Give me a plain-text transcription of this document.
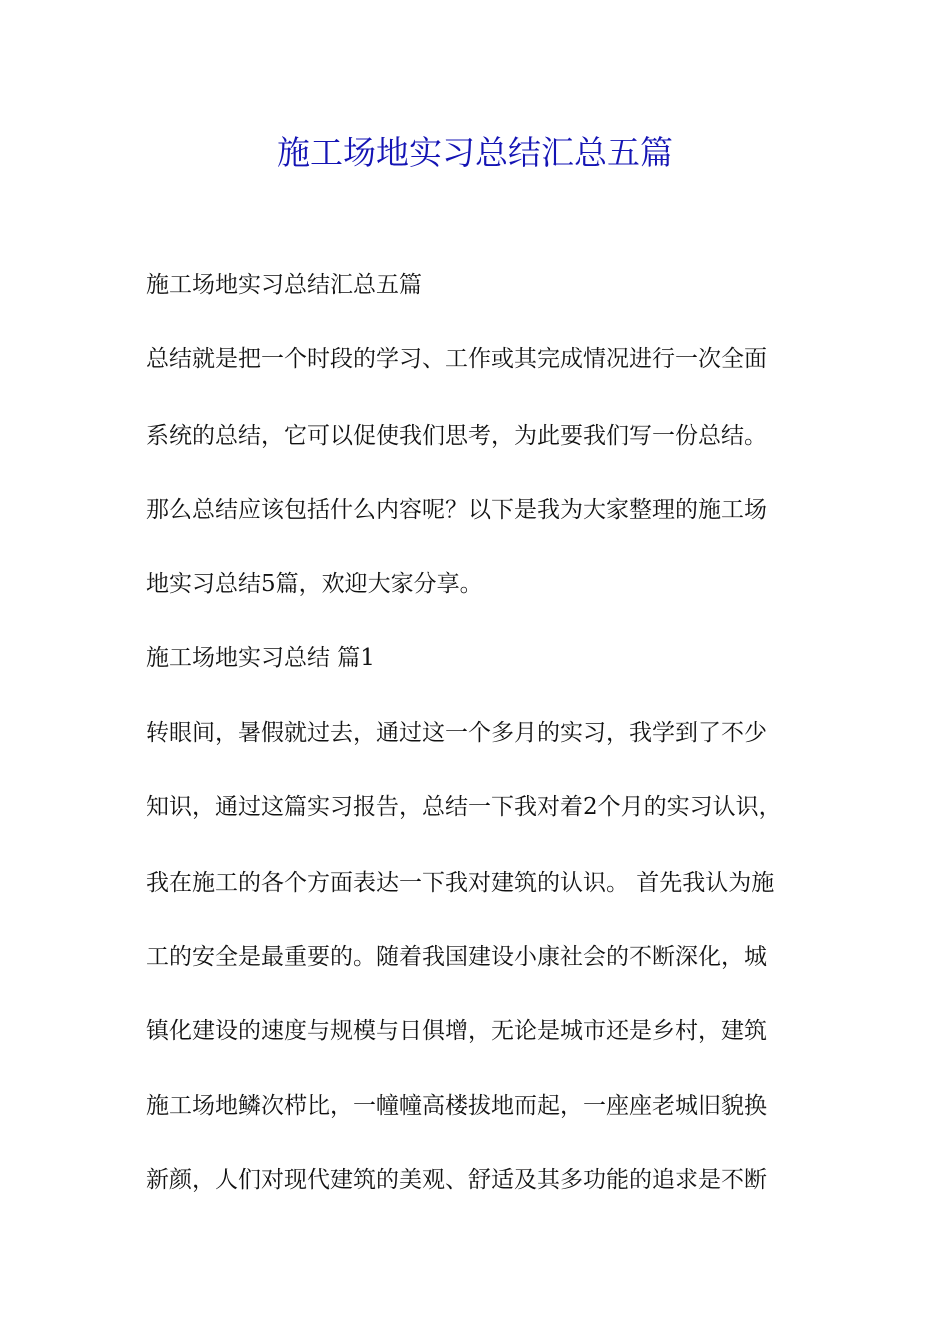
施工场地实习总结汇总五篇

施工场地实习总结汇总五篇

总结就是把一个时段的学习、工作或其完成情况进行一次全面

系统的总结，它可以促使我们思考，为此要我们写一份总结。

那么总结应该包括什么内容呢？以下是我为大家整理的施工场

地实习总结5篇，欢迎大家分享。

施工场地实习总结 篇1

转眼间，暑假就过去，通过这一个多月的实习，我学到了不少

知识，通过这篇实习报告，总结一下我对着2个月的实习认识，

我在施工的各个方面表达一下我对建筑的认识。 首先我认为施

工的安全是最重要的。随着我国建设小康社会的不断深化，城

镇化建设的速度与规模与日俱增，无论是城市还是乡村，建筑

施工场地鳞次栉比，一幢幢高楼拔地而起，一座座老城旧貌换

新颜，人们对现代建筑的美观、舒适及其多功能的追求是不断
